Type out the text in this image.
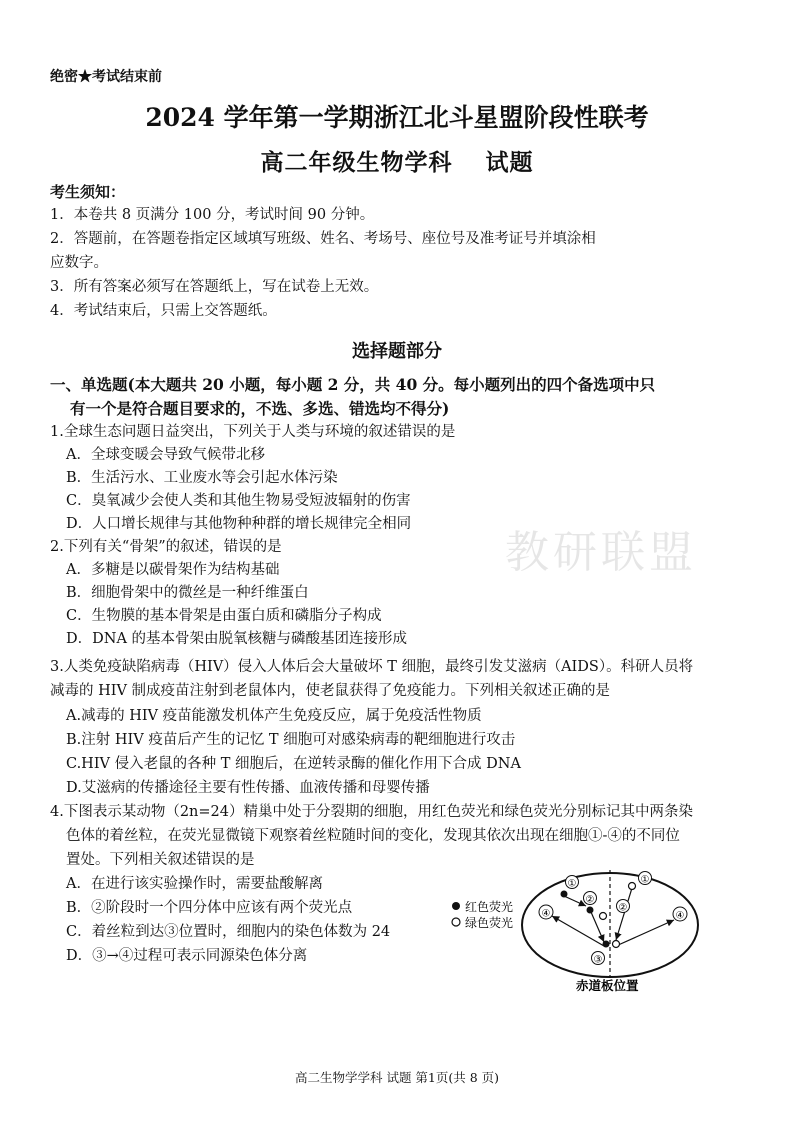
绝密★考试结束前
2024 学年第一学期浙江北斗星盟阶段性联考
高二年级生物学科　 试题
考生须知：
1．本卷共 8 页满分 100 分，考试时间 90 分钟。
2．答题前，在答题卷指定区域填写班级、姓名、考场号、座位号及准考证号并填涂相
应数字。
3．所有答案必须写在答题纸上，写在试卷上无效。
4．考试结束后，只需上交答题纸。
选择题部分
一、单选题(本大题共 20 小题，每小题 2 分，共 40 分。每小题列出的四个备选项中只
有一个是符合题目要求的，不选、多选、错选均不得分)
教研联盟
1.全球生态问题日益突出，下列关于人类与环境的叙述错误的是
A．全球变暖会导致气候带北移
B．生活污水、工业废水等会引起水体污染
C．臭氧减少会使人类和其他生物易受短波辐射的伤害
D．人口增长规律与其他物种种群的增长规律完全相同
2.下列有关“骨架”的叙述，错误的是
A．多糖是以碳骨架作为结构基础
B．细胞骨架中的微丝是一种纤维蛋白
C．生物膜的基本骨架是由蛋白质和磷脂分子构成
D．DNA 的基本骨架由脱氧核糖与磷酸基团连接形成
3.人类免疫缺陷病毒（HIV）侵入人体后会大量破坏 T 细胞，最终引发艾滋病（AIDS）。科研人员将
减毒的 HIV 制成疫苗注射到老鼠体内，使老鼠获得了免疫能力。下列相关叙述正确的是
A.减毒的 HIV 疫苗能激发机体产生免疫反应，属于免疫活性物质
B.注射 HIV 疫苗后产生的记忆 T 细胞可对感染病毒的靶细胞进行攻击
C.HIV 侵入老鼠的各种 T 细胞后，在逆转录酶的催化作用下合成 DNA
D.艾滋病的传播途径主要有性传播、血液传播和母婴传播
4.下图表示某动物（2n=24）精巢中处于分裂期的细胞，用红色荧光和绿色荧光分别标记其中两条染
色体的着丝粒，在荧光显微镜下观察着丝粒随时间的变化，发现其依次出现在细胞①-④的不同位
置处。下列相关叙述错误的是
A．在进行该实验操作时，需要盐酸解离
B．②阶段时一个四分体中应该有两个荧光点
C．着丝粒到达③位置时，细胞内的染色体数为 24
D．③→④过程可表示同源染色体分离
红色荧光
绿色荧光
①	①
②
②
③
④	④
赤道板位置
高二生物学学科 试题 第1页(共 8 页)
